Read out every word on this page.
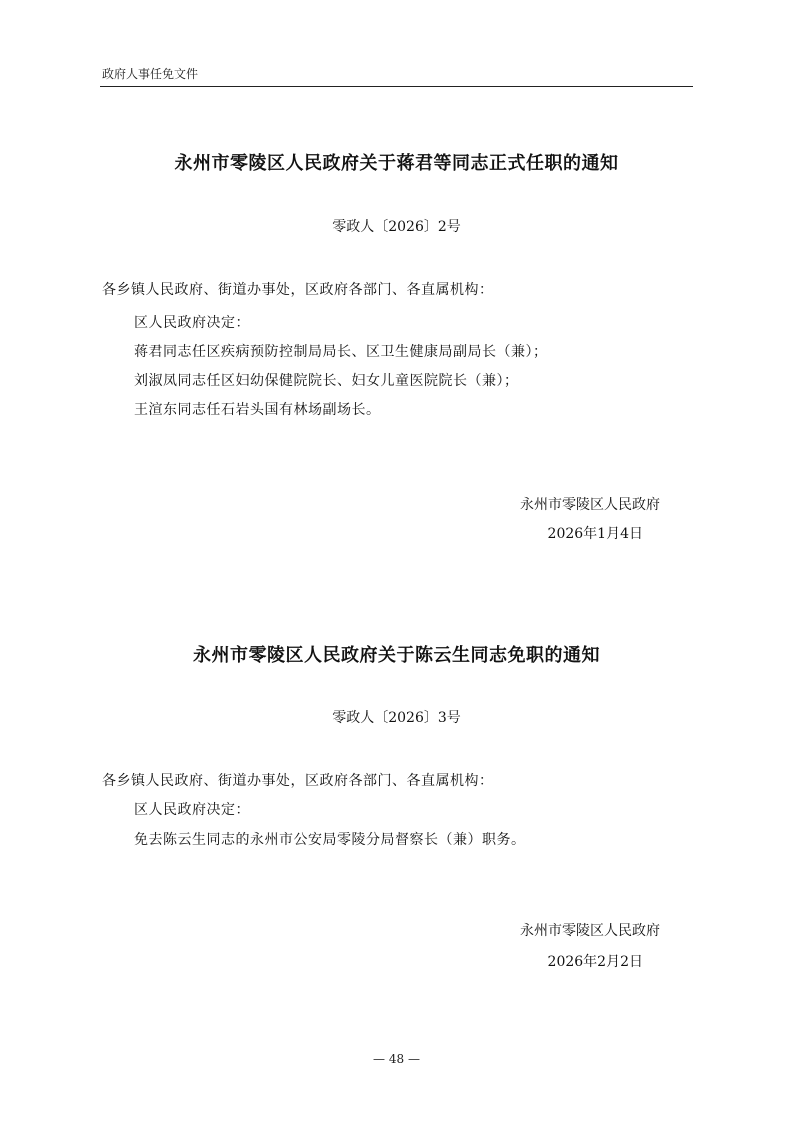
政府人事任免文件
永州市零陵区人民政府关于蒋君等同志正式任职的通知
零政人〔2026〕2号
各乡镇人民政府、街道办事处，区政府各部门、各直属机构：
区人民政府决定：
蒋君同志任区疾病预防控制局局长、区卫生健康局副局长（兼）；
刘淑凤同志任区妇幼保健院院长、妇女儿童医院院长（兼）；
王渲东同志任石岩头国有林场副场长。
永州市零陵区人民政府
2026年1月4日
永州市零陵区人民政府关于陈云生同志免职的通知
零政人〔2026〕3号
各乡镇人民政府、街道办事处，区政府各部门、各直属机构：
区人民政府决定：
免去陈云生同志的永州市公安局零陵分局督察长（兼）职务。
永州市零陵区人民政府
2026年2月2日
— 48 —
